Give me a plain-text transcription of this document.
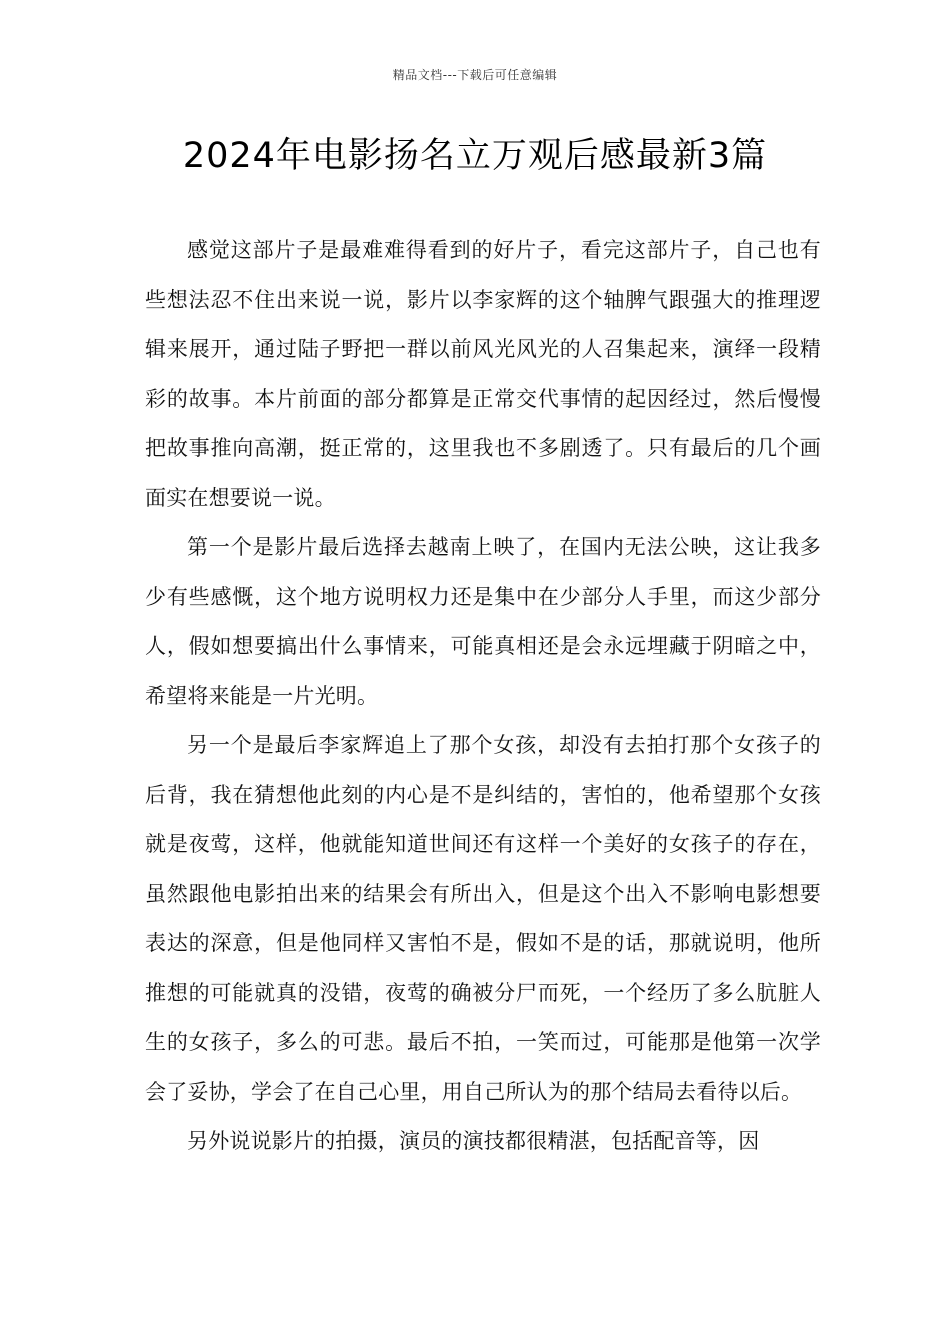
精品文档---下载后可任意编辑
2024年电影扬名立万观后感最新3篇

感觉这部片子是最难难得看到的好片子，看完这部片子，自己也有些想法忍不住出来说一说，影片以李家辉的这个轴脾气跟强大的推理逻辑来展开，通过陆子野把一群以前风光风光的人召集起来，演绎一段精彩的故事。本片前面的部分都算是正常交代事情的起因经过，然后慢慢把故事推向高潮，挺正常的，这里我也不多剧透了。只有最后的几个画面实在想要说一说。

第一个是影片最后选择去越南上映了，在国内无法公映，这让我多少有些感慨，这个地方说明权力还是集中在少部分人手里，而这少部分人，假如想要搞出什么事情来，可能真相还是会永远埋藏于阴暗之中，希望将来能是一片光明。

另一个是最后李家辉追上了那个女孩，却没有去拍打那个女孩子的后背，我在猜想他此刻的内心是不是纠结的，害怕的，他希望那个女孩就是夜莺，这样，他就能知道世间还有这样一个美好的女孩子的存在，虽然跟他电影拍出来的结果会有所出入，但是这个出入不影响电影想要表达的深意，但是他同样又害怕不是，假如不是的话，那就说明，他所推想的可能就真的没错，夜莺的确被分尸而死，一个经历了多么肮脏人生的女孩子，多么的可悲。最后不拍，一笑而过，可能那是他第一次学会了妥协，学会了在自己心里，用自己所认为的那个结局去看待以后。

另外说说影片的拍摄，演员的演技都很精湛，包括配音等，因
